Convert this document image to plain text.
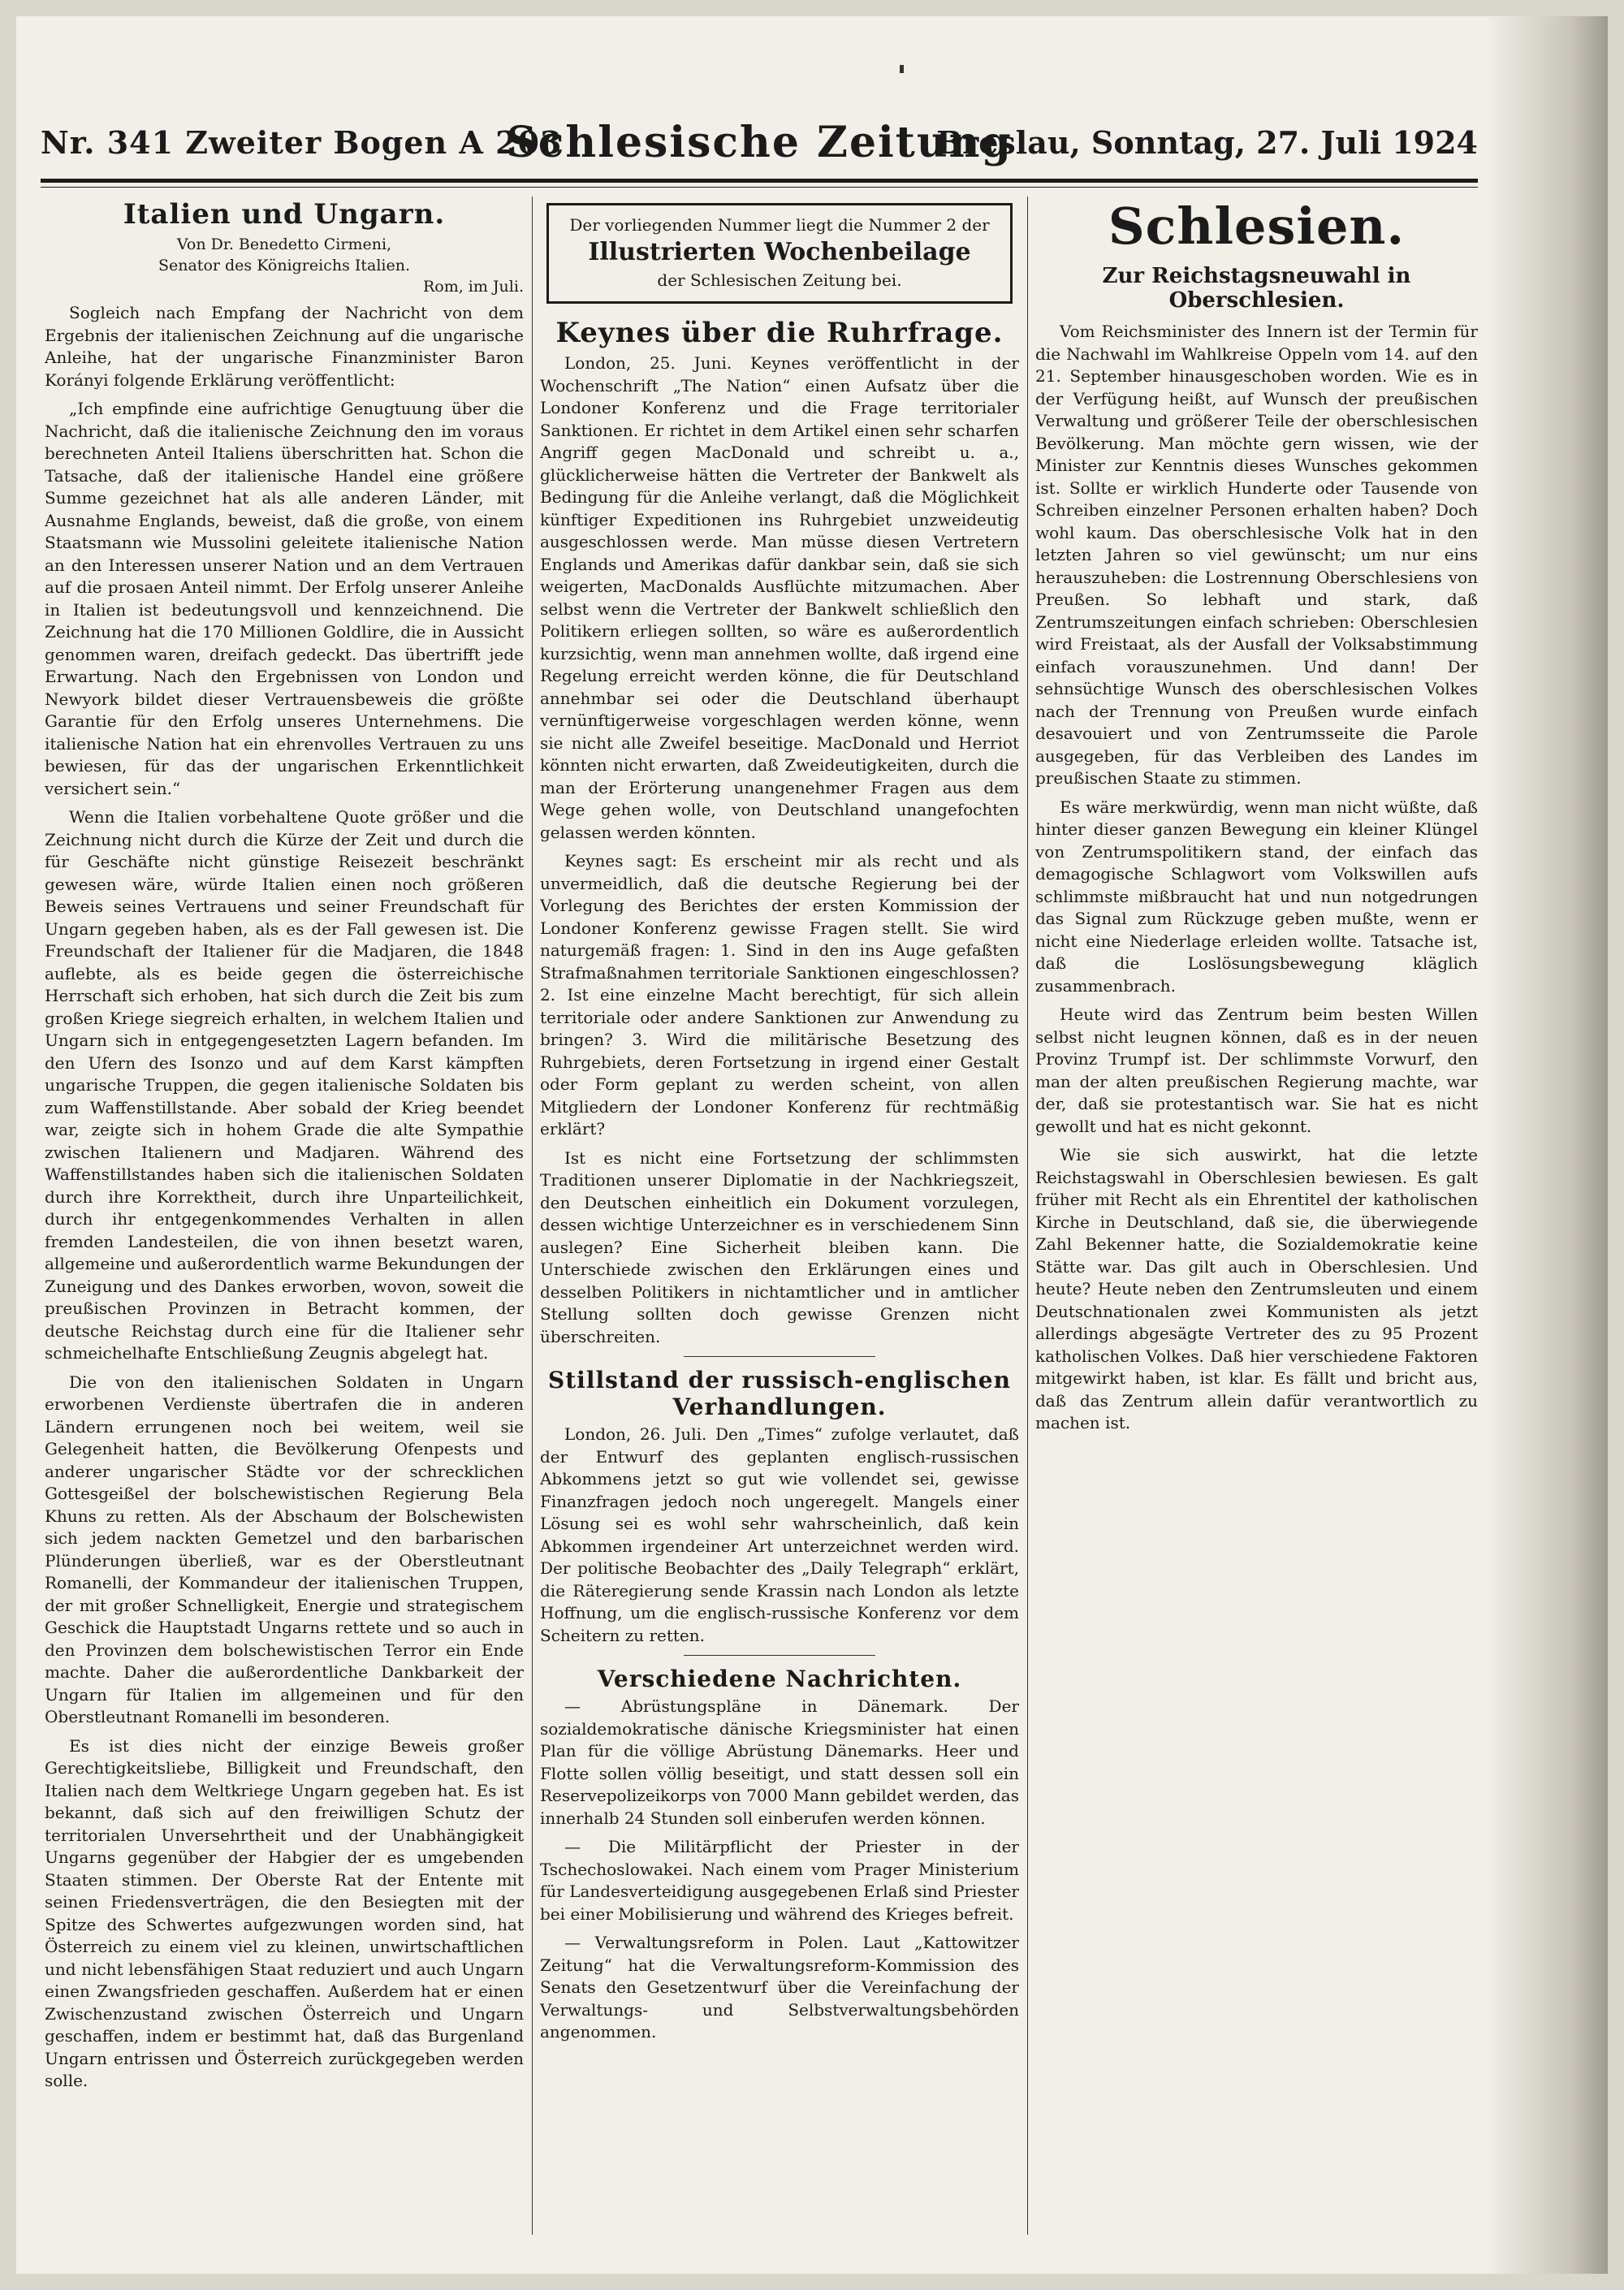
Nr. 341 Zweiter Bogen A 203
Schlesische Zeitung
Breslau, Sonntag, 27. Juli 1924
Italien und Ungarn.
Von Dr. Benedetto Cirmeni,
Senator des Königreichs Italien.
Rom, im Juli.

Sogleich nach Empfang der Nachricht von dem Ergebnis der italienischen Zeichnung auf die ungarische Anleihe, hat der ungarische Finanzminister Baron Korányi folgende Erklärung veröffentlicht:

„Ich empfinde eine aufrichtige Genugtuung über die Nachricht, daß die italienische Zeichnung den im voraus berechneten Anteil Italiens überschritten hat. Schon die Tatsache, daß der italienische Handel eine größere Summe gezeichnet hat als alle anderen Länder, mit Ausnahme Englands, beweist, daß die große, von einem Staatsmann wie Mussolini geleitete italienische Nation an den Interessen unserer Nation und an dem Vertrauen auf die prosaen Anteil nimmt. Der Erfolg unserer Anleihe in Italien ist bedeutungsvoll und kennzeichnend. Die Zeichnung hat die 170 Millionen Goldlire, die in Aussicht genommen waren, dreifach gedeckt. Das übertrifft jede Erwartung. Nach den Ergebnissen von London und Newyork bildet dieser Vertrauensbeweis die größte Garantie für den Erfolg unseres Unternehmens. Die italienische Nation hat ein ehrenvolles Vertrauen zu uns bewiesen, für das der ungarischen Erkenntlichkeit versichert sein.“

Wenn die Italien vorbehaltene Quote größer und die Zeichnung nicht durch die Kürze der Zeit und durch die für Geschäfte nicht günstige Reisezeit beschränkt gewesen wäre, würde Italien einen noch größeren Beweis seines Vertrauens und seiner Freundschaft für Ungarn gegeben haben, als es der Fall gewesen ist. Die Freundschaft der Italiener für die Madjaren, die 1848 auflebte, als es beide gegen die österreichische Herrschaft sich erhoben, hat sich durch die Zeit bis zum großen Kriege siegreich erhalten, in welchem Italien und Ungarn sich in entgegengesetzten Lagern befanden. Im den Ufern des Isonzo und auf dem Karst kämpften ungarische Truppen, die gegen italienische Soldaten bis zum Waffenstillstande. Aber sobald der Krieg beendet war, zeigte sich in hohem Grade die alte Sympathie zwischen Italienern und Madjaren. Während des Waffenstillstandes haben sich die italienischen Soldaten durch ihre Korrektheit, durch ihre Unparteilichkeit, durch ihr entgegenkommendes Verhalten in allen fremden Landesteilen, die von ihnen besetzt waren, allgemeine und außerordentlich warme Bekundungen der Zuneigung und des Dankes erworben, wovon, soweit die preußischen Provinzen in Betracht kommen, der deutsche Reichstag durch eine für die Italiener sehr schmeichelhafte Entschließung Zeugnis abgelegt hat.

Die von den italienischen Soldaten in Ungarn erworbenen Verdienste übertrafen die in anderen Ländern errungenen noch bei weitem, weil sie Gelegenheit hatten, die Bevölkerung Ofenpests und anderer ungarischer Städte vor der schrecklichen Gottesgeißel der bolschewistischen Regierung Bela Khuns zu retten. Als der Abschaum der Bolschewisten sich jedem nackten Gemetzel und den barbarischen Plünderungen überließ, war es der Oberstleutnant Romanelli, der Kommandeur der italienischen Truppen, der mit großer Schnelligkeit, Energie und strategischem Geschick die Hauptstadt Ungarns rettete und so auch in den Provinzen dem bolschewistischen Terror ein Ende machte. Daher die außerordentliche Dankbarkeit der Ungarn für Italien im allgemeinen und für den Oberstleutnant Romanelli im besonderen.

Es ist dies nicht der einzige Beweis großer Gerechtigkeitsliebe, Billigkeit und Freundschaft, den Italien nach dem Weltkriege Ungarn gegeben hat. Es ist bekannt, daß sich auf den freiwilligen Schutz der territorialen Unversehrtheit und der Unabhängigkeit Ungarns gegenüber der Habgier der es umgebenden Staaten stimmen. Der Oberste Rat der Entente mit seinen Friedensverträgen, die den Besiegten mit der Spitze des Schwertes aufgezwungen worden sind, hat Österreich zu einem viel zu kleinen, unwirtschaftlichen und nicht lebensfähigen Staat reduziert und auch Ungarn einen Zwangsfrieden geschaffen. Außerdem hat er einen Zwischenzustand zwischen Österreich und Ungarn geschaffen, indem er bestimmt hat, daß das Burgenland Ungarn entrissen und Österreich zurückgegeben werden solle.

Der vorliegenden Nummer liegt die Nummer 2 der
Illustrierten Wochenbeilage
der Schlesischen Zeitung bei.
Keynes über die Ruhrfrage.

London, 25. Juni. Keynes veröffentlicht in der Wochenschrift „The Nation“ einen Aufsatz über die Londoner Konferenz und die Frage territorialer Sanktionen. Er richtet in dem Artikel einen sehr scharfen Angriff gegen MacDonald und schreibt u. a., glücklicherweise hätten die Vertreter der Bankwelt als Bedingung für die Anleihe verlangt, daß die Möglichkeit künftiger Expeditionen ins Ruhrgebiet unzweideutig ausgeschlossen werde. Man müsse diesen Vertretern Englands und Amerikas dafür dankbar sein, daß sie sich weigerten, MacDonalds Ausflüchte mitzumachen. Aber selbst wenn die Vertreter der Bankwelt schließlich den Politikern erliegen sollten, so wäre es außerordentlich kurzsichtig, wenn man annehmen wollte, daß irgend eine Regelung erreicht werden könne, die für Deutschland annehmbar sei oder die Deutschland überhaupt vernünftigerweise vorgeschlagen werden könne, wenn sie nicht alle Zweifel beseitige. MacDonald und Herriot könnten nicht erwarten, daß Zweideutigkeiten, durch die man der Erörterung unangenehmer Fragen aus dem Wege gehen wolle, von Deutschland unangefochten gelassen werden könnten.

Keynes sagt: Es erscheint mir als recht und als unvermeidlich, daß die deutsche Regierung bei der Vorlegung des Berichtes der ersten Kommission der Londoner Konferenz gewisse Fragen stellt. Sie wird naturgemäß fragen: 1. Sind in den ins Auge gefaßten Strafmaßnahmen territoriale Sanktionen eingeschlossen? 2. Ist eine einzelne Macht berechtigt, für sich allein territoriale oder andere Sanktionen zur Anwendung zu bringen? 3. Wird die militärische Besetzung des Ruhrgebiets, deren Fortsetzung in irgend einer Gestalt oder Form geplant zu werden scheint, von allen Mitgliedern der Londoner Konferenz für rechtmäßig erklärt?

Ist es nicht eine Fortsetzung der schlimmsten Traditionen unserer Diplomatie in der Nachkriegszeit, den Deutschen einheitlich ein Dokument vorzulegen, dessen wichtige Unterzeichner es in verschiedenem Sinn auslegen? Eine Sicherheit bleiben kann. Die Unterschiede zwischen den Erklärungen eines und desselben Politikers in nichtamtlicher und in amtlicher Stellung sollten doch gewisse Grenzen nicht überschreiten.

Stillstand der russisch-englischen Verhandlungen.

London, 26. Juli. Den „Times“ zufolge verlautet, daß der Entwurf des geplanten englisch-russischen Abkommens jetzt so gut wie vollendet sei, gewisse Finanzfragen jedoch noch ungeregelt. Mangels einer Lösung sei es wohl sehr wahrscheinlich, daß kein Abkommen irgendeiner Art unterzeichnet werden wird. Der politische Beobachter des „Daily Telegraph“ erklärt, die Räteregierung sende Krassin nach London als letzte Hoffnung, um die englisch-russische Konferenz vor dem Scheitern zu retten.

Verschiedene Nachrichten.

— Abrüstungspläne in Dänemark. Der sozialdemokratische dänische Kriegsminister hat einen Plan für die völlige Abrüstung Dänemarks. Heer und Flotte sollen völlig beseitigt, und statt dessen soll ein Reservepolizeikorps von 7000 Mann gebildet werden, das innerhalb 24 Stunden soll einberufen werden können.

— Die Militärpflicht der Priester in der Tschechoslowakei. Nach einem vom Prager Ministerium für Landesverteidigung ausgegebenen Erlaß sind Priester bei einer Mobilisierung und während des Krieges befreit.

— Verwaltungsreform in Polen. Laut „Kattowitzer Zeitung“ hat die Verwaltungsreform-Kommission des Senats den Gesetzentwurf über die Vereinfachung der Verwaltungs- und Selbstverwaltungsbehörden angenommen.

Schlesien.
Zur Reichstagsneuwahl in Oberschlesien.

Vom Reichsminister des Innern ist der Termin für die Nachwahl im Wahlkreise Oppeln vom 14. auf den 21. September hinausgeschoben worden. Wie es in der Verfügung heißt, auf Wunsch der preußischen Verwaltung und größerer Teile der oberschlesischen Bevölkerung. Man möchte gern wissen, wie der Minister zur Kenntnis dieses Wunsches gekommen ist. Sollte er wirklich Hunderte oder Tausende von Schreiben einzelner Personen erhalten haben? Doch wohl kaum. Das oberschlesische Volk hat in den letzten Jahren so viel gewünscht; um nur eins herauszuheben: die Lostrennung Oberschlesiens von Preußen. So lebhaft und stark, daß Zentrumszeitungen einfach schrieben: Oberschlesien wird Freistaat, als der Ausfall der Volksabstimmung einfach vorauszunehmen. Und dann! Der sehnsüchtige Wunsch des oberschlesischen Volkes nach der Trennung von Preußen wurde einfach desavouiert und von Zentrumsseite die Parole ausgegeben, für das Verbleiben des Landes im preußischen Staate zu stimmen.

Es wäre merkwürdig, wenn man nicht wüßte, daß hinter dieser ganzen Bewegung ein kleiner Klüngel von Zentrumspolitikern stand, der einfach das demagogische Schlagwort vom Volkswillen aufs schlimmste mißbraucht hat und nun notgedrungen das Signal zum Rückzuge geben mußte, wenn er nicht eine Niederlage erleiden wollte. Tatsache ist, daß die Loslösungsbewegung kläglich zusammenbrach.

Heute wird das Zentrum beim besten Willen selbst nicht leugnen können, daß es in der neuen Provinz Trumpf ist. Der schlimmste Vorwurf, den man der alten preußischen Regierung machte, war der, daß sie protestantisch war. Sie hat es nicht gewollt und hat es nicht gekonnt.

Wie sie sich auswirkt, hat die letzte Reichstagswahl in Oberschlesien bewiesen. Es galt früher mit Recht als ein Ehrentitel der katholischen Kirche in Deutschland, daß sie, die überwiegende Zahl Bekenner hatte, die Sozialdemokratie keine Stätte war. Das gilt auch in Oberschlesien. Und heute? Heute neben den Zentrumsleuten und einem Deutschnationalen zwei Kommunisten als jetzt allerdings abgesägte Vertreter des zu 95 Prozent katholischen Volkes. Daß hier verschiedene Faktoren mitgewirkt haben, ist klar. Es fällt und bricht aus, daß das Zentrum allein dafür verantwortlich zu machen ist.
